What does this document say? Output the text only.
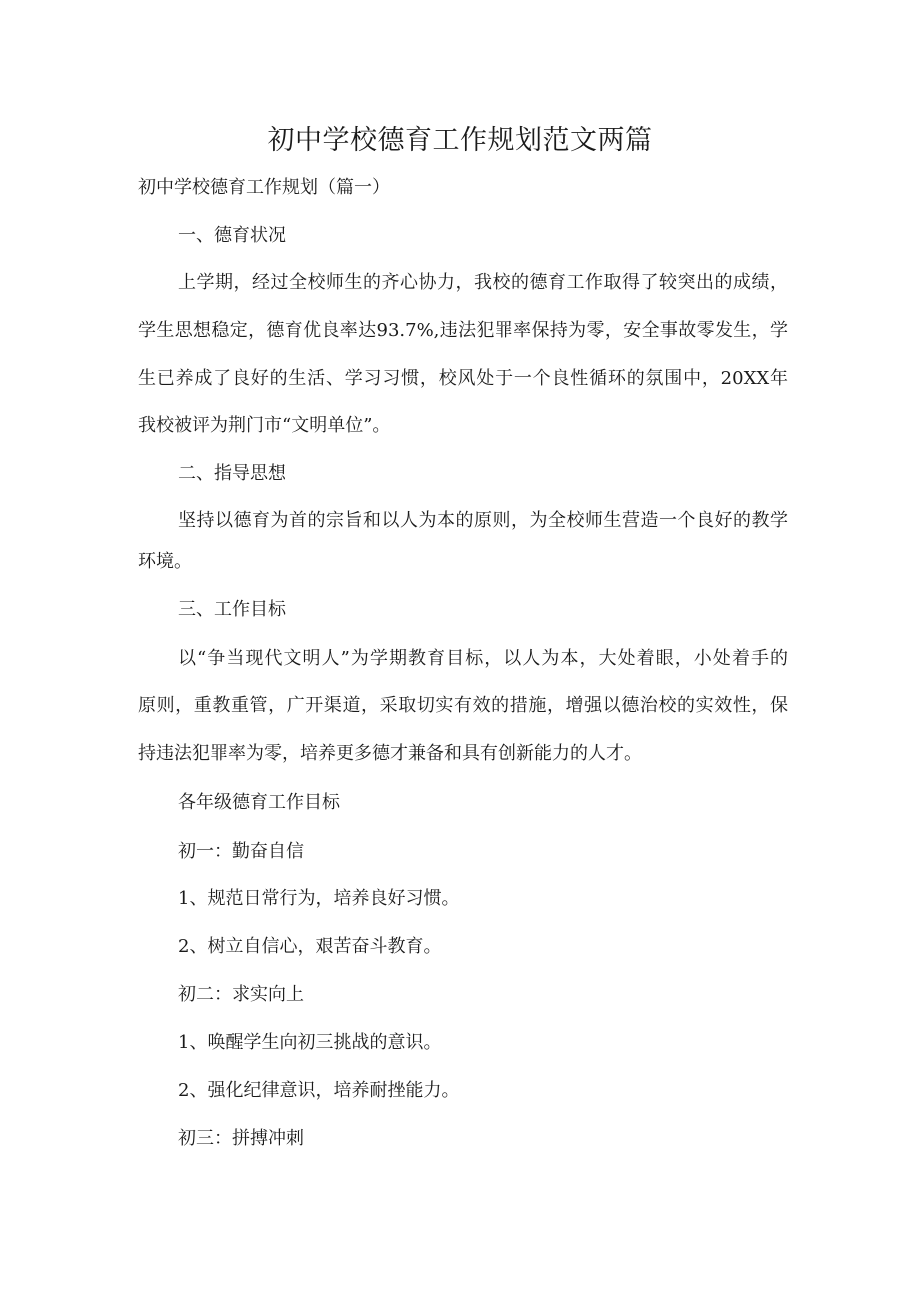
初中学校德育工作规划范文两篇

初中学校德育工作规划（篇一）

一、德育状况

上学期，经过全校师生的齐心协力，我校的德育工作取得了较突出的成绩，

学生思想稳定，德育优良率达93.7%,违法犯罪率保持为零，安全事故零发生，学

生已养成了良好的生活、学习习惯，校风处于一个良性循环的氛围中，20XX年

我校被评为荆门市“文明单位”。

二、指导思想

坚持以德育为首的宗旨和以人为本的原则，为全校师生营造一个良好的教学

环境。

三、工作目标

以“争当现代文明人”为学期教育目标，以人为本，大处着眼，小处着手的

原则，重教重管，广开渠道，采取切实有效的措施，增强以德治校的实效性，保

持违法犯罪率为零，培养更多德才兼备和具有创新能力的人才。

各年级德育工作目标

初一：勤奋自信

1、规范日常行为，培养良好习惯。

2、树立自信心，艰苦奋斗教育。

初二：求实向上

1、唤醒学生向初三挑战的意识。

2、强化纪律意识，培养耐挫能力。

初三：拼搏冲刺
